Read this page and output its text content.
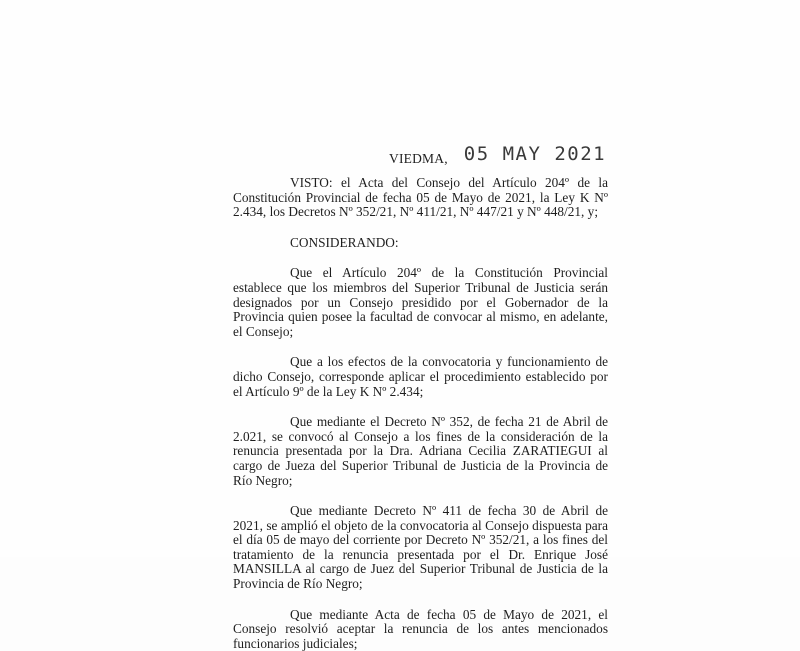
VIEDMA, 05 MAY 2021

VISTO: el Acta del Consejo del Artículo 204º de la Constitución Provincial de fecha 05 de Mayo de 2021, la Ley K Nº 2.434, los Decretos Nº 352/21, Nº 411/21, Nº 447/21 y Nº 448/21, y;

CONSIDERANDO:

Que el Artículo 204º de la Constitución Provincial establece que los miembros del Superior Tribunal de Justicia serán designados por un Consejo presidido por el Gobernador de la Provincia quien posee la facultad de convocar al mismo, en adelante, el Consejo;

Que a los efectos de la convocatoria y funcionamiento de dicho Consejo, corresponde aplicar el procedimiento establecido por el Artículo 9º de la Ley K Nº 2.434;

Que mediante el Decreto Nº 352, de fecha 21 de Abril de 2.021, se convocó al Consejo a los fines de la consideración de la renuncia presentada por la Dra. Adriana Cecilia ZARATIEGUI al cargo de Jueza del Superior Tribunal de Justicia de la Provincia de Río Negro;

Que mediante Decreto Nº 411 de fecha 30 de Abril de 2021, se amplió el objeto de la convocatoria al Consejo dispuesta para el día 05 de mayo del corriente por Decreto Nº 352/21, a los fines del tratamiento de la renuncia presentada por el Dr. Enrique José MANSILLA al cargo de Juez del Superior Tribunal de Justicia de la Provincia de Río Negro;

Que mediante Acta de fecha 05 de Mayo de 2021, el Consejo resolvió aceptar la renuncia de los antes mencionados funcionarios judiciales;
